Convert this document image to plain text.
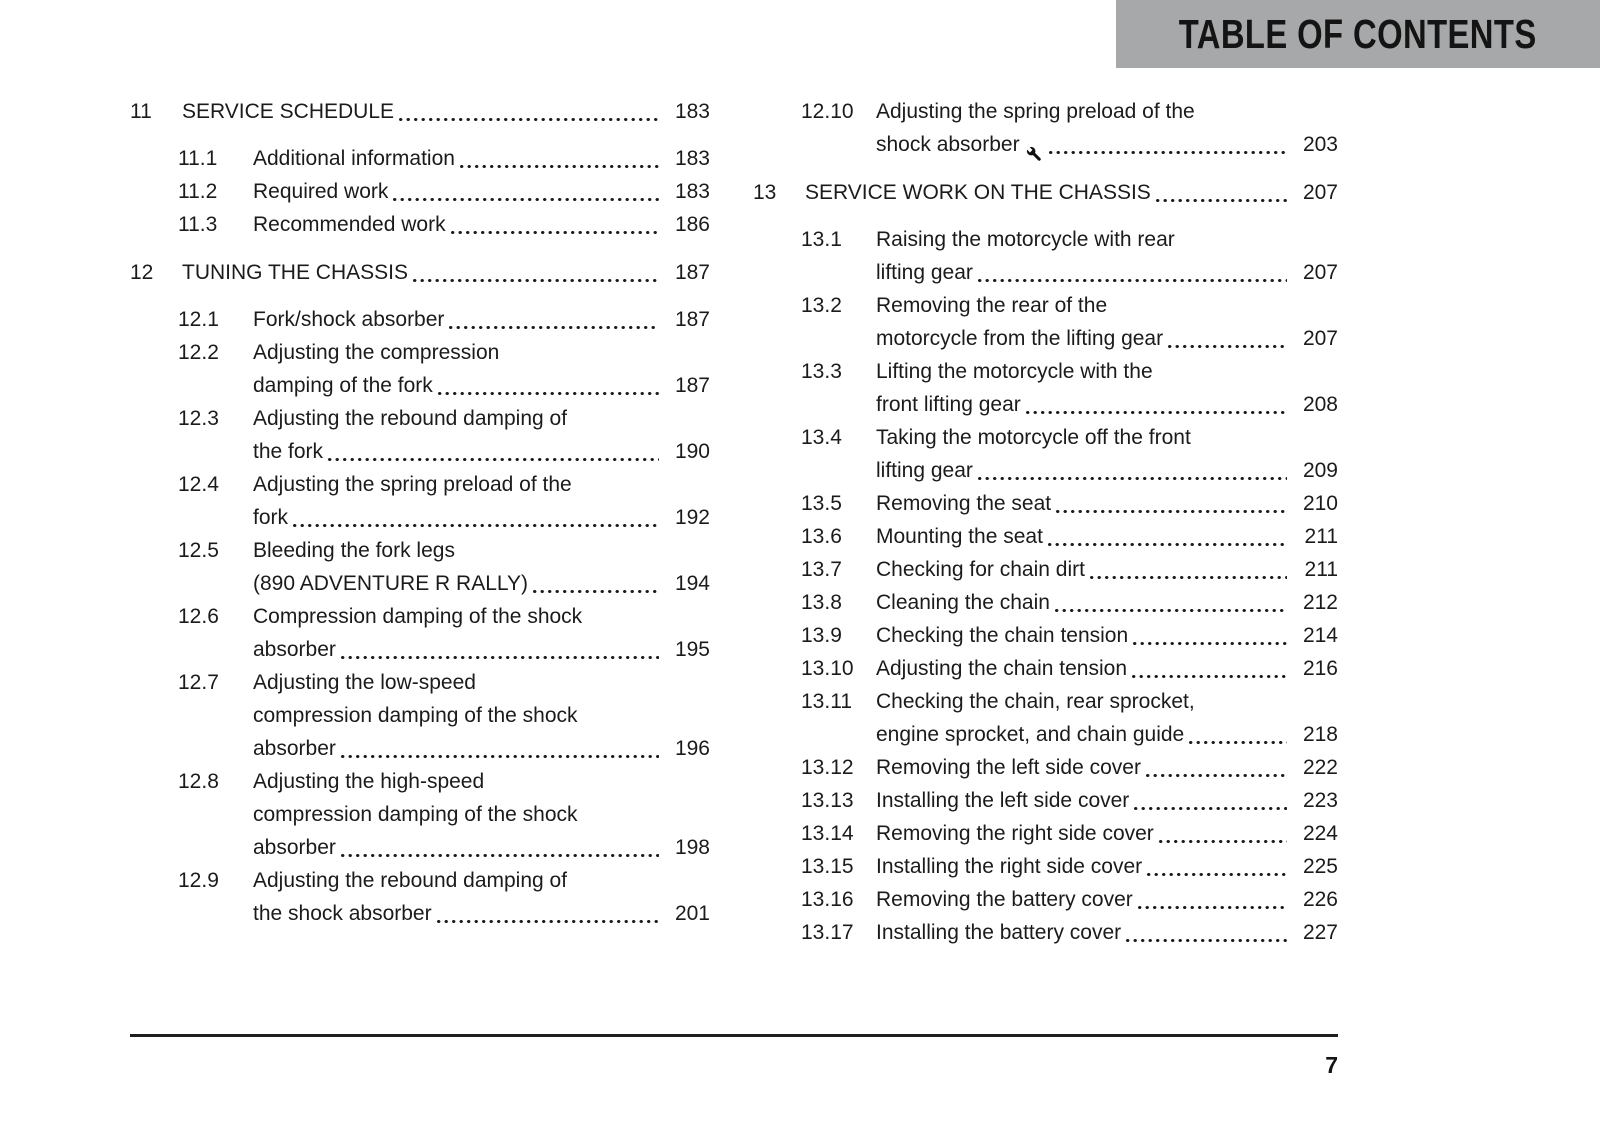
TABLE OF CONTENTS
11	SERVICE SCHEDULE	183
11.1	Additional information	183
11.2	Required work	183
11.3	Recommended work	186
12	TUNING THE CHASSIS	187
12.1	Fork/shock absorber	187
12.2	Adjusting the compression
damping of the fork	187
12.3	Adjusting the rebound damping of
the fork	190
12.4	Adjusting the spring preload of the
fork	192
12.5	Bleeding the fork legs
(890 ADVENTURE R RALLY)	194
12.6	Compression damping of the shock
absorber	195
12.7	Adjusting the low-speed
compression damping of the shock
absorber	196
12.8	Adjusting the high-speed
compression damping of the shock
absorber	198
12.9	Adjusting the rebound damping of
the shock absorber	201
12.10	Adjusting the spring preload of the
shock absorber	203
13	SERVICE WORK ON THE CHASSIS	207
13.1	Raising the motorcycle with rear
lifting gear	207
13.2	Removing the rear of the
motorcycle from the lifting gear	207
13.3	Lifting the motorcycle with the
front lifting gear	208
13.4	Taking the motorcycle off the front
lifting gear	209
13.5	Removing the seat	210
13.6	Mounting the seat	211
13.7	Checking for chain dirt	211
13.8	Cleaning the chain	212
13.9	Checking the chain tension	214
13.10	Adjusting the chain tension	216
13.11	Checking the chain, rear sprocket,
engine sprocket, and chain guide	218
13.12	Removing the left side cover	222
13.13	Installing the left side cover	223
13.14	Removing the right side cover	224
13.15	Installing the right side cover	225
13.16	Removing the battery cover	226
13.17	Installing the battery cover	227
7
